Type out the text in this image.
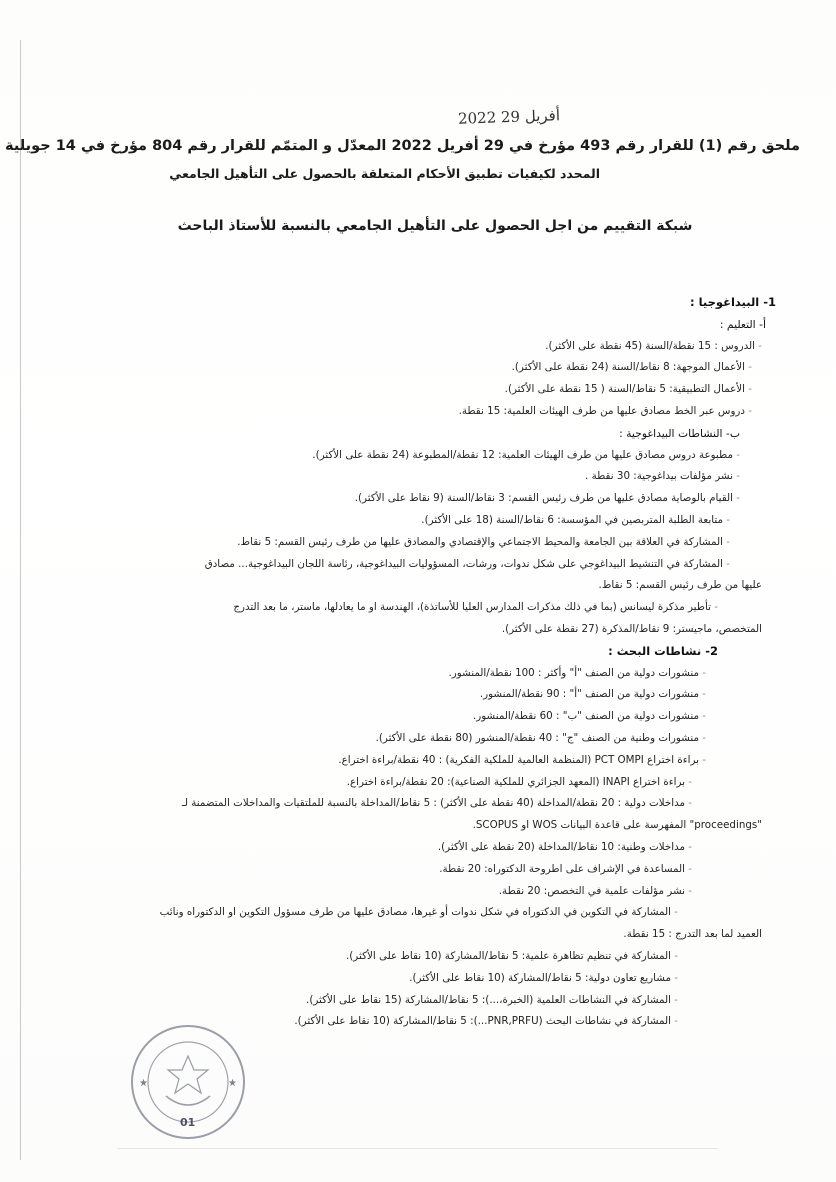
2022 أفريل 29
ملحق رقم (1) للقرار رقم 493 مؤرخ في 29 أفريل 2022 المعدّل و المتمّم للقرار رقم 804 مؤرخ في 14 جويلية
المحدد لكيفيات تطبيق الأحكام المتعلقة بالحصول على التأهيل الجامعي
شبكة التقييم من اجل الحصول على التأهيل الجامعي بالنسبة للأستاذ الباحث
1- البيداغوجيا :
أ- التعليم :
- الدروس : 15 نقطة/السنة (45 نقطة على الأكثر).
- الأعمال الموجهة: 8 نقاط/السنة (24 نقطة على الأكثر).
- الأعمال التطبيقية: 5 نقاط/السنة ( 15 نقطة على الأكثر).
- دروس عبر الخط مصادق عليها من طرف الهيئات العلمية: 15 نقطة.
ب- النشاطات البيداغوجية :
- مطبوعة دروس مصادق عليها من طرف الهيئات العلمية: 12 نقطة/المطبوعة (24 نقطة على الأكثر).
- نشر مؤلفات بيداغوجية: 30 نقطة .
- القيام بالوصاية مصادق عليها من طرف رئيس القسم: 3 نقاط/السنة (9 نقاط على الأكثر).
- متابعة الطلبة المتربصين في المؤسسة: 6 نقاط/السنة (18 على الأكثر).
- المشاركة في العلاقة بين الجامعة والمحيط الاجتماعي والإقتصادي والمصادق عليها من طرف رئيس القسم: 5 نقاط.
- المشاركة في التنشيط البيداغوجي على شكل ندوات، ورشات، المسؤوليات البيداغوجية، رئاسة اللجان البيداغوجية... مصادق
عليها من طرف رئيس القسم: 5 نقاط.
- تأطير مذكرة ليسانس (بما في ذلك مذكرات المدارس العليا للأساتذة)، الهندسة او ما يعادلها، ماستر، ما بعد التدرج
المتخصص، ماجيستر: 9 نقاط/المذكرة (27 نقطة على الأكثر).
2- نشاطات البحث :
- منشورات دولية من الصنف "أ" وأكثر : 100 نقطة/المنشور.
- منشورات دولية من الصنف "أ" : 90 نقطة/المنشور.
- منشورات دولية من الصنف "ب" : 60 نقطة/المنشور.
- منشورات وطنية من الصنف "ج" : 40 نقطة/المنشور (80 نقطة على الأكثر).
- براءة اختراع PCT OMPI (المنظمة العالمية للملكية الفكرية) : 40 نقطة/براءة اختراع.
- براءة اختراع INAPI (المعهد الجزائري للملكية الصناعية): 20 نقطة/براءة اختراع.
- مداخلات دولية : 20 نقطة/المداخلة (40 نقطة على الأكثر) : 5 نقاط/المداخلة بالنسبة للملتقيات والمداخلات المتضمنة لـ
"proceedings" المفهرسة على قاعدة البيانات WOS او SCOPUS.
- مداخلات وطنية: 10 نقاط/المداخلة (20 نقطة على الأكثر).
- المساعدة في الإشراف على اطروحة الدكتوراه: 20 نقطة.
- نشر مؤلفات علمية في التخصص: 20 نقطة.
- المشاركة في التكوين في الدكتوراه في شكل ندوات أو غيرها، مصادق عليها من طرف مسؤول التكوين او الدكتوراه ونائب
العميد لما بعد التدرج : 15 نقطة.
- المشاركة في تنظيم تظاهرة علمية: 5 نقاط/المشاركة (10 نقاط على الأكثر).
- مشاريع تعاون دولية: 5 نقاط/المشاركة (10 نقاط على الأكثر).
- المشاركة في النشاطات العلمية (الخبرة،...): 5 نقاط/المشاركة (15 نقاط على الأكثر).
- المشاركة في نشاطات البحث (PNR,PRFU...): 5 نقاط/المشاركة (10 نقاط على الأكثر).
★	★
01
